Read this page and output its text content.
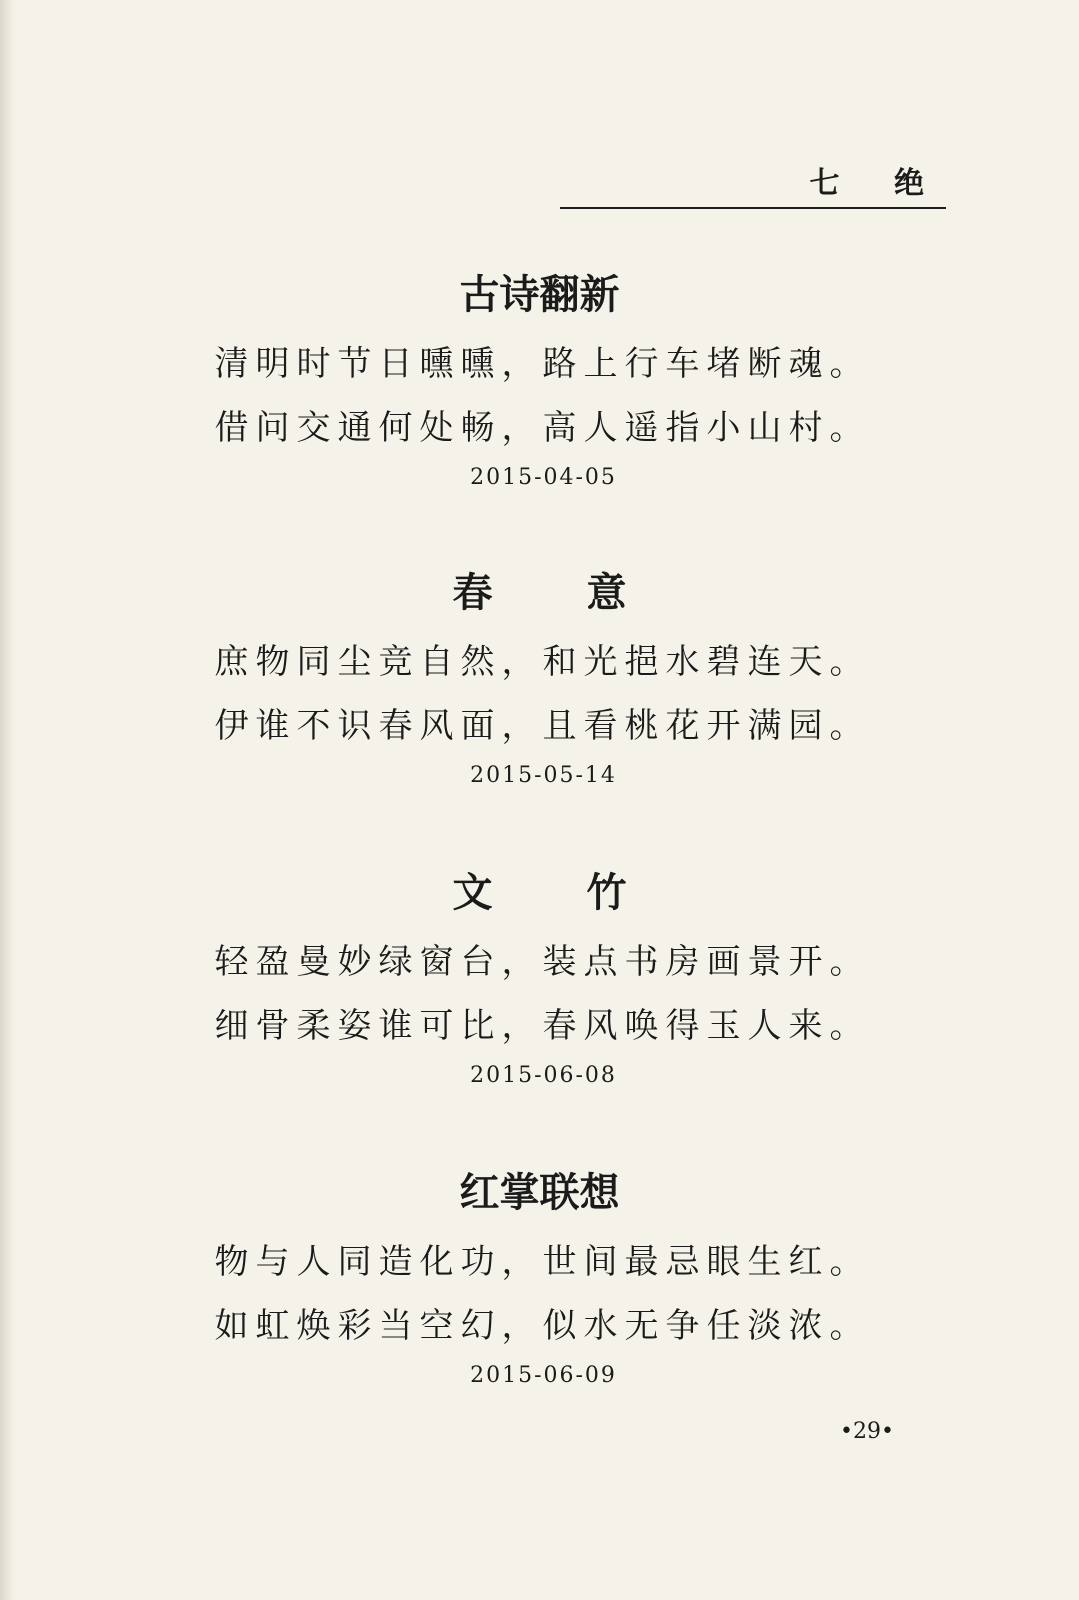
七 绝
古诗翻新

清明时节日曛曛，路上行车堵断魂。

借问交通何处畅，高人遥指小山村。

2015-04-05
春 意

庶物同尘竞自然，和光挹水碧连天。

伊谁不识春风面，且看桃花开满园。

2015-05-14
文 竹

轻盈曼妙绿窗台，装点书房画景开。

细骨柔姿谁可比，春风唤得玉人来。

2015-06-08
红掌联想

物与人同造化功，世间最忌眼生红。

如虹焕彩当空幻，似水无争任淡浓。

2015-06-09
•29•
